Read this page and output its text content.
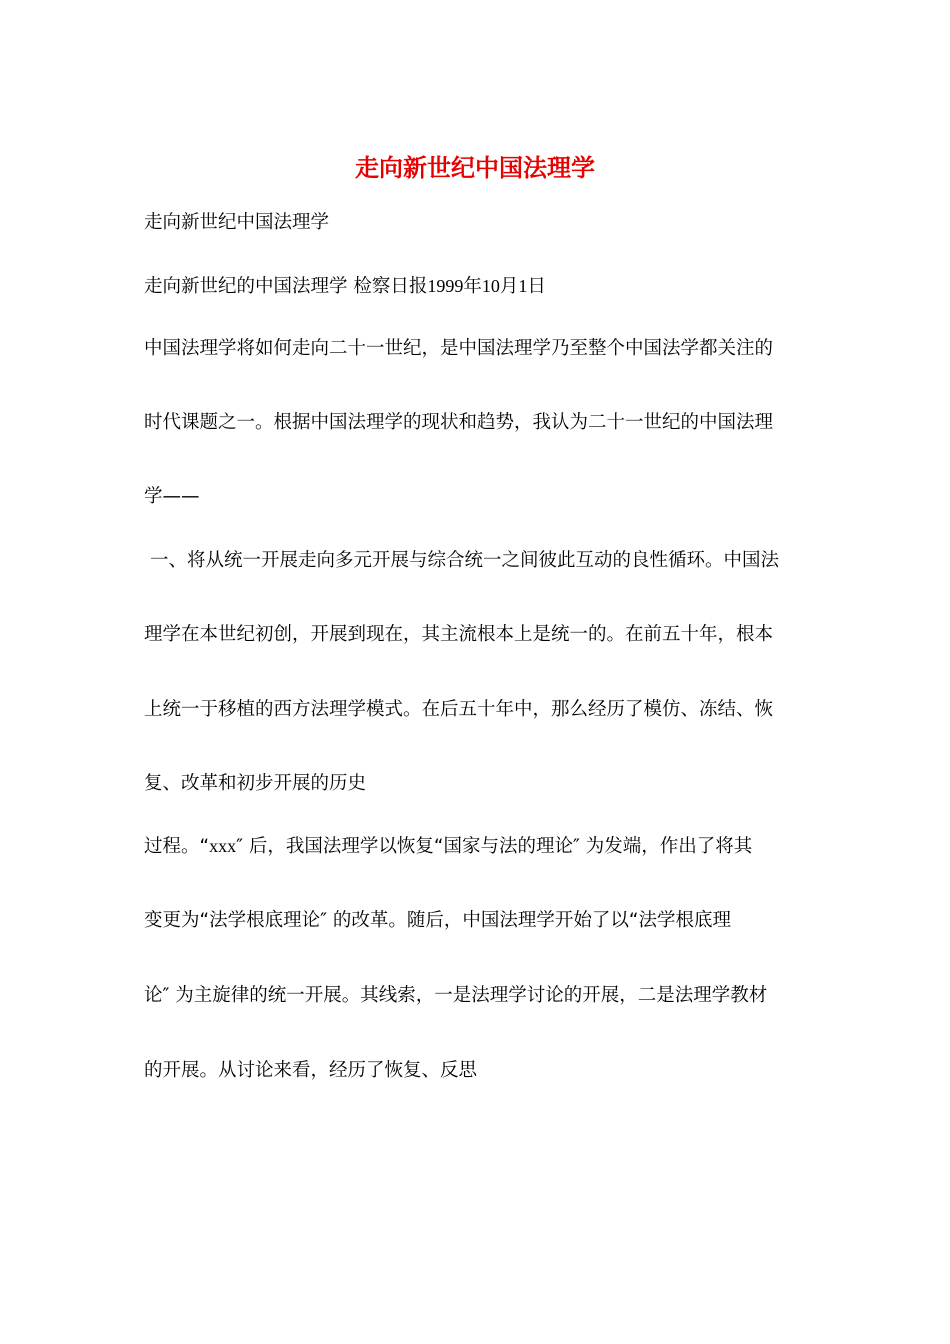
走向新世纪中国法理学
走向新世纪中国法理学
走向新世纪的中国法理学 检察日报1999年10月1日
中国法理学将如何走向二十一世纪，是中国法理学乃至整个中国法学都关注的
时代课题之一。根据中国法理学的现状和趋势，我认为二十一世纪的中国法理
学——
一、将从统一开展走向多元开展与综合统一之间彼此互动的良性循环。中国法
理学在本世纪初创，开展到现在，其主流根本上是统一的。在前五十年，根本
上统一于移植的西方法理学模式。在后五十年中，那么经历了模仿、冻结、恢
复、改革和初步开展的历史
过程。“xxx″ 后，我国法理学以恢复“国家与法的理论″ 为发端，作出了将其
变更为“法学根底理论″ 的改革。随后，中国法理学开始了以“法学根底理
论″ 为主旋律的统一开展。其线索，一是法理学讨论的开展，二是法理学教材
的开展。从讨论来看，经历了恢复、反思
